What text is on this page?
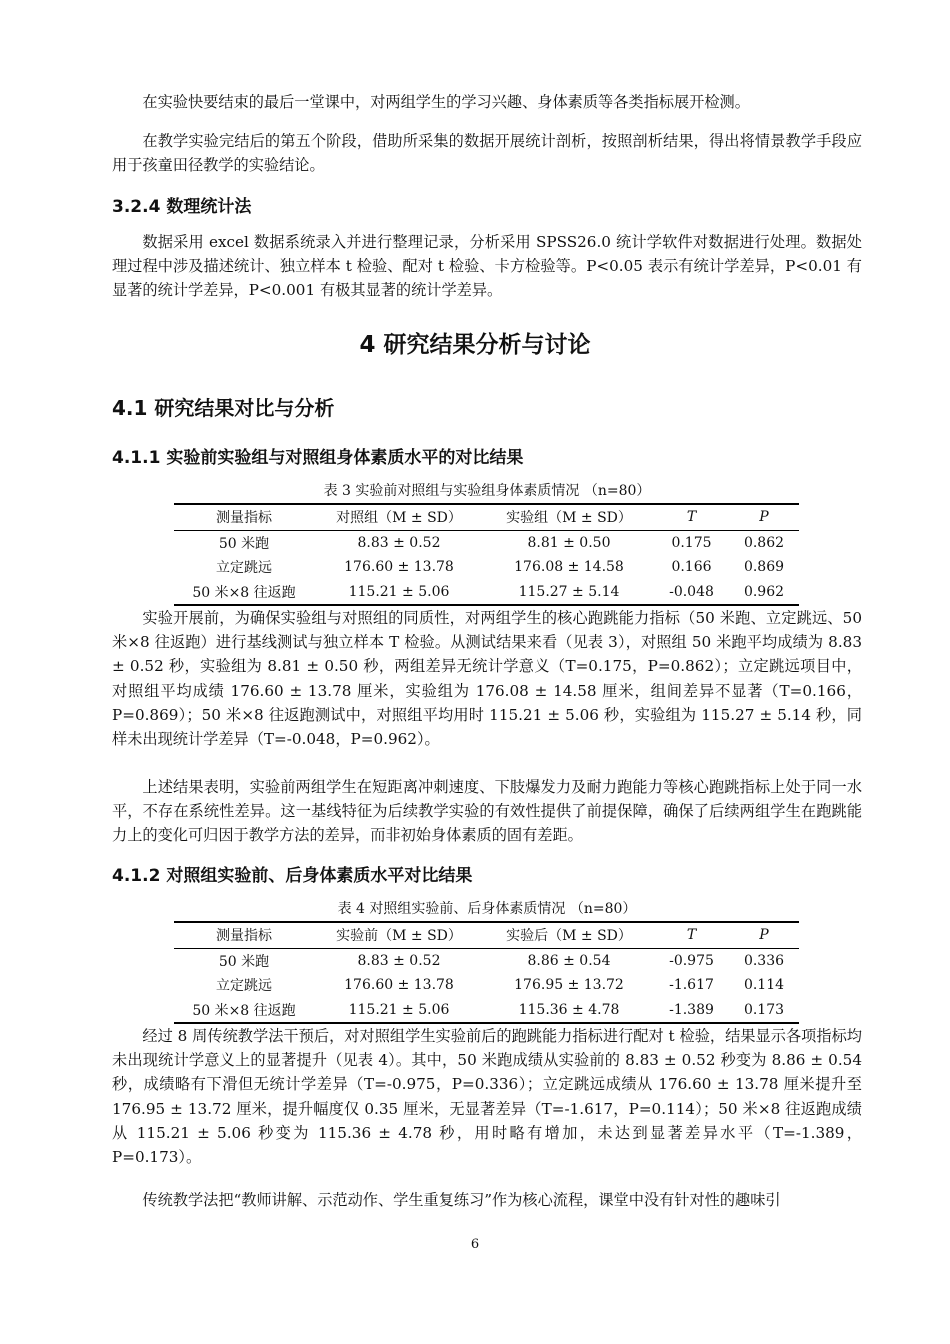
在实验快要结束的最后一堂课中，对两组学生的学习兴趣、身体素质等各类指标展开检测。

在教学实验完结后的第五个阶段，借助所采集的数据开展统计剖析，按照剖析结果，得出将情景教学手段应用于孩童田径教学的实验结论。

3.2.4 数理统计法

数据采用 excel 数据系统录入并进行整理记录，分析采用 SPSS26.0 统计学软件对数据进行处理。数据处理过程中涉及描述统计、独立样本 t 检验、配对 t 检验、卡方检验等。P<0.05 表示有统计学差异，P<0.01 有显著的统计学差异，P<0.001 有极其显著的统计学差异。

4 研究结果分析与讨论
4.1 研究结果对比与分析
4.1.1 实验前实验组与对照组身体素质水平的对比结果
表 3 实验前对照组与实验组身体素质情况 （n=80）
测量指标	对照组（M ± SD）	实验组（M ± SD）	T	P
50 米跑	8.83 ± 0.52	8.81 ± 0.50	0.175	0.862
立定跳远	176.60 ± 13.78	176.08 ± 14.58	0.166	0.869
50 米×8 往返跑	115.21 ± 5.06	115.27 ± 5.14	-0.048	0.962

实验开展前，为确保实验组与对照组的同质性，对两组学生的核心跑跳能力指标（50 米跑、立定跳远、50 米×8 往返跑）进行基线测试与独立样本 T 检验。从测试结果来看（见表 3），对照组 50 米跑平均成绩为 8.83 ± 0.52 秒，实验组为 8.81 ± 0.50 秒，两组差异无统计学意义（T=0.175，P=0.862）；立定跳远项目中，对照组平均成绩 176.60 ± 13.78 厘米，实验组为 176.08 ± 14.58 厘米，组间差异不显著（T=0.166，P=0.869）；50 米×8 往返跑测试中，对照组平均用时 115.21 ± 5.06 秒，实验组为 115.27 ± 5.14 秒，同样未出现统计学差异（T=-0.048，P=0.962）。

上述结果表明，实验前两组学生在短距离冲刺速度、下肢爆发力及耐力跑能力等核心跑跳指标上处于同一水平，不存在系统性差异。这一基线特征为后续教学实验的有效性提供了前提保障，确保了后续两组学生在跑跳能力上的变化可归因于教学方法的差异，而非初始身体素质的固有差距。

4.1.2 对照组实验前、后身体素质水平对比结果
表 4 对照组实验前、后身体素质情况 （n=80）
测量指标	实验前（M ± SD）	实验后（M ± SD）	T	P
50 米跑	8.83 ± 0.52	8.86 ± 0.54	-0.975	0.336
立定跳远	176.60 ± 13.78	176.95 ± 13.72	-1.617	0.114
50 米×8 往返跑	115.21 ± 5.06	115.36 ± 4.78	-1.389	0.173

经过 8 周传统教学法干预后，对对照组学生实验前后的跑跳能力指标进行配对 t 检验，结果显示各项指标均未出现统计学意义上的显著提升（见表 4）。其中，50 米跑成绩从实验前的 8.83 ± 0.52 秒变为 8.86 ± 0.54 秒，成绩略有下滑但无统计学差异（T=-0.975，P=0.336）；立定跳远成绩从 176.60 ± 13.78 厘米提升至 176.95 ± 13.72 厘米，提升幅度仅 0.35 厘米，无显著差异（T=-1.617，P=0.114）；50 米×8 往返跑成绩从 115.21 ± 5.06 秒变为 115.36 ± 4.78 秒，用时略有增加，未达到显著差异水平（T=-1.389，P=0.173）。

传统教学法把“教师讲解、示范动作、学生重复练习”作为核心流程，课堂中没有针对性的趣味引

6
